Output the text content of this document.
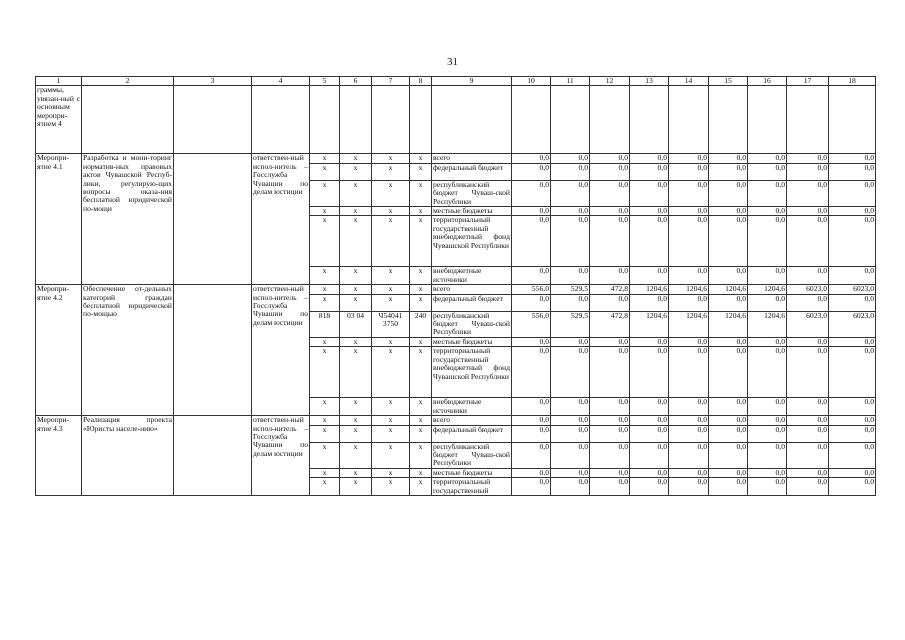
31
1	2	3	4	5	6	7	8	9	10	11	12	13	14	15	16	17	18
граммы, увязан-ный с основным меропри-ятием 4																	
Меропри-ятие 4.1	Разработка и мони-торинг норматив-ных правовых актов Чувашской Респуб-лики, регулирую-щих вопросы оказа-ния бесплатной юридической по-мощи		ответствен-ный испол-нитель – Госслужба Чувашии по делам юстиции	x	x	x	x	всего	0,0	0,0	0,0	0,0	0,0	0,0	0,0	0,0	0,0
				x	x	x	x	федеральный бюджет	0,0	0,0	0,0	0,0	0,0	0,0	0,0	0,0	0,0
				x	x	x	x	республиканский бюджет Чуваш-ской Республики	0,0	0,0	0,0	0,0	0,0	0,0	0,0	0,0	0,0
				x	x	x	x	местные бюджеты	0,0	0,0	0,0	0,0	0,0	0,0	0,0	0,0	0,0
				x	x	x	x	территориальный государственный внебюджетный фонд Чувашской Республики	0,0	0,0	0,0	0,0	0,0	0,0	0,0	0,0	0,0
				x	x	x	x	внебюджетные источники	0,0	0,0	0,0	0,0	0,0	0,0	0,0	0,0	0,0
Меропри-ятие 4.2	Обеспечение от-дельных категорий граждан бесплатной юридической по-мощью		ответствен-ный испол-нитель – Госслужба Чувашии по делам юстиции	x	x	x	x	всего	556,0	529,5	472,8	1204,6	1204,6	1204,6	1204,6	6023,0	6023,0
				x	x	x	x	федеральный бюджет	0,0	0,0	0,0	0,0	0,0	0,0	0,0	0,0	0,0
				818	03 04	Ч54041 3750	240	республиканский бюджет Чуваш-ской Республики	556,0	529,5	472,8	1204,6	1204,6	1204,6	1204,6	6023,0	6023,0
				x	x	x	x	местные бюджеты	0,0	0,0	0,0	0,0	0,0	0,0	0,0	0,0	0,0
				x	x	x	x	территориальный государственный внебюджетный фонд Чувашской Республики	0,0	0,0	0,0	0,0	0,0	0,0	0,0	0,0	0,0
				x	x	x	x	внебюджетные источники	0,0	0,0	0,0	0,0	0,0	0,0	0,0	0,0	0,0
Меропри-ятие 4.3	Реализация проекта «Юристы населе-нию»		ответствен-ный испол-нитель – Госслужба Чувашии по делам юстиции	x	x	x	x	всего	0,0	0,0	0,0	0,0	0,0	0,0	0,0	0,0	0,0
				x	x	x	x	федеральный бюджет	0,0	0,0	0,0	0,0	0,0	0,0	0,0	0,0	0,0
				x	x	x	x	республиканский бюджет Чуваш-ской Республики	0,0	0,0	0,0	0,0	0,0	0,0	0,0	0,0	0,0
				x	x	x	x	местные бюджеты	0,0	0,0	0,0	0,0	0,0	0,0	0,0	0,0	0,0
				x	x	x	x	территориальный государственный	0,0	0,0	0,0	0,0	0,0	0,0	0,0	0,0	0,0
